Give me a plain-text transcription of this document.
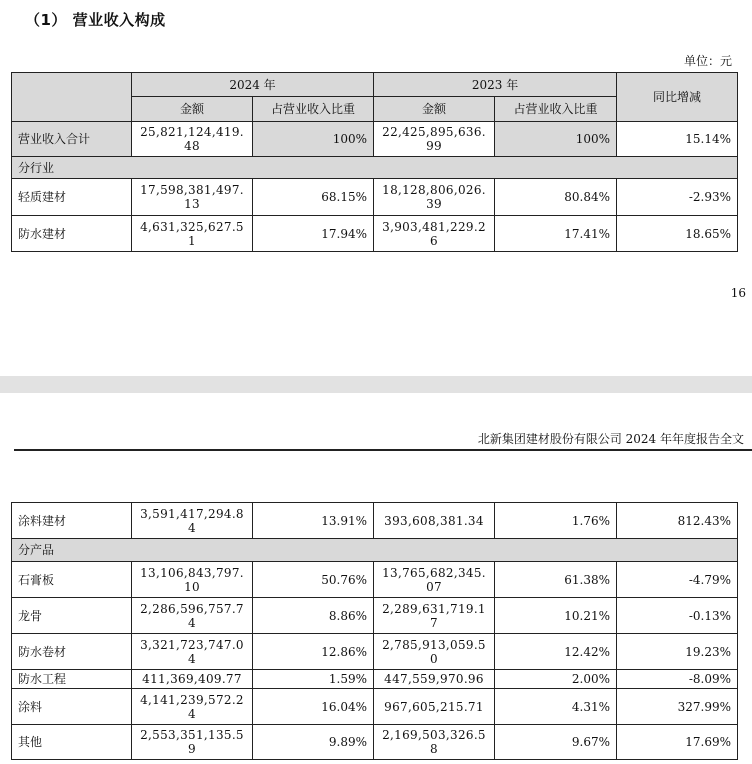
（1） 营业收入构成
单位：元
	2024 年		2023 年		同比增减
	金额	占营业收入比重	金额	占营业收入比重	
营业收入合计	25,821,124,419.48	100%	22,425,895,636.99	100%	15.14%
分行业					
轻质建材	17,598,381,497.13	68.15%	18,128,806,026.39	80.84%	-2.93%
防水建材	4,631,325,627.51	17.94%	3,903,481,229.26	17.41%	18.65%
16
北新集团建材股份有限公司 2024 年年度报告全文
涂料建材	3,591,417,294.84	13.91%	393,608,381.34	1.76%	812.43%
分产品					
石膏板	13,106,843,797.10	50.76%	13,765,682,345.07	61.38%	-4.79%
龙骨	2,286,596,757.74	8.86%	2,289,631,719.17	10.21%	-0.13%
防水卷材	3,321,723,747.04	12.86%	2,785,913,059.50	12.42%	19.23%
防水工程	411,369,409.77	1.59%	447,559,970.96	2.00%	-8.09%
涂料	4,141,239,572.24	16.04%	967,605,215.71	4.31%	327.99%
其他	2,553,351,135.59	9.89%	2,169,503,326.58	9.67%	17.69%
